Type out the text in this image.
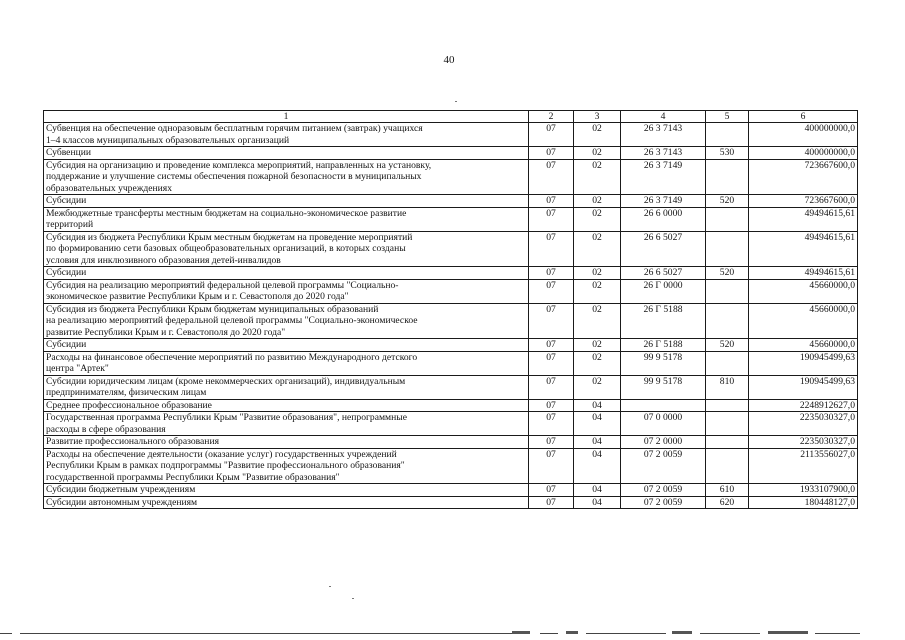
40
1	2	3	4	5	6
Субвенция на обеспечение одноразовым бесплатным горячим питанием (завтрак) учащихся
1–4 классов муниципальных образовательных организаций	07	02	26 3 7143		400000000,0
Субвенции	07	02	26 3 7143	530	400000000,0
Субсидия на организацию и проведение комплекса мероприятий, направленных на установку,
поддержание и улучшение системы обеспечения пожарной безопасности в муниципальных
образовательных учреждениях	07	02	26 3 7149		723667600,0
Субсидии	07	02	26 3 7149	520	723667600,0
Межбюджетные трансферты местным бюджетам на социально-экономическое развитие
территорий	07	02	26 6 0000		49494615,61
Субсидия из бюджета Республики Крым местным бюджетам на проведение мероприятий
по формированию сети базовых общеобразовательных организаций, в которых созданы
условия для инклюзивного образования детей-инвалидов	07	02	26 6 5027		49494615,61
Субсидии	07	02	26 6 5027	520	49494615,61
Субсидия на реализацию мероприятий федеральной целевой программы "Социально-
экономическое развитие Республики Крым и г. Севастополя до 2020 года"	07	02	26 Г 0000		45660000,0
Субсидия из бюджета Республики Крым бюджетам муниципальных образований
на реализацию мероприятий федеральной целевой программы "Социально-экономическое
развитие Республики Крым и г. Севастополя до 2020 года"	07	02	26 Г 5188		45660000,0
Субсидии	07	02	26 Г 5188	520	45660000,0
Расходы на финансовое обеспечение мероприятий по развитию Международного детского
центра "Артек"	07	02	99 9 5178		190945499,63
Субсидии юридическим лицам (кроме некоммерческих организаций), индивидуальным
предпринимателям, физическим лицам	07	02	99 9 5178	810	190945499,63
Среднее профессиональное образование	07	04			2248912627,0
Государственная программа Республики Крым "Развитие образования", непрограммные
расходы в сфере образования	07	04	07 0 0000		2235030327,0
Развитие профессионального образования	07	04	07 2 0000		2235030327,0
Расходы на обеспечение деятельности (оказание услуг) государственных учреждений
Республики Крым в рамках подпрограммы "Развитие профессионального образования"
государственной программы Республики Крым "Развитие образования"	07	04	07 2 0059		2113556027,0
Субсидии бюджетным учреждениям	07	04	07 2 0059	610	1933107900,0
Субсидии автономным учреждениям	07	04	07 2 0059	620	180448127,0
